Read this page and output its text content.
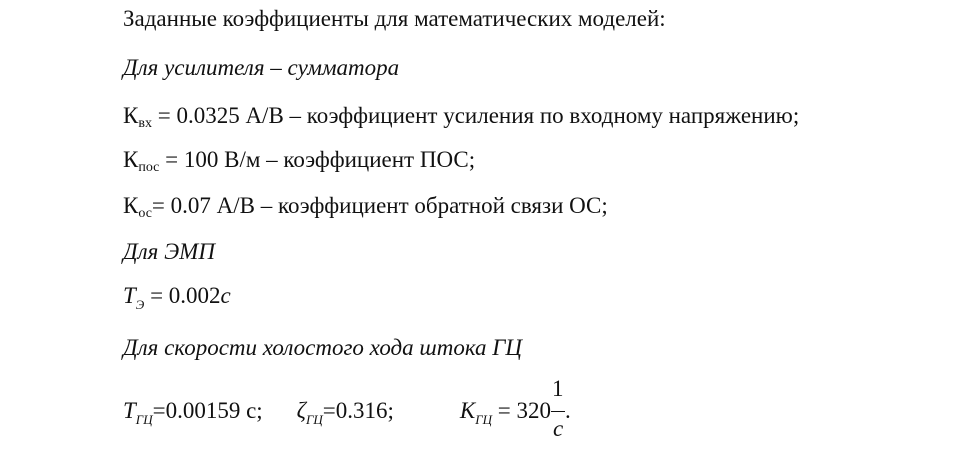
Заданные коэффициенты для математических моделей:
Для усилителя – сумматора
Квх = 0.0325 А/В – коэффициент усиления по входному напряжению;
Кпос = 100 В/м – коэффициент ПОС;
Кос= 0.07 А/В – коэффициент обратной связи ОС;
Для ЭМП
$T_Э = 0.002c$
Для скорости холостого хода штока ГЦ
$T_{ГЦ}=0.00159$ с; $\zeta_{ГЦ}=0.316$;	$K_{ГЦ} = 320 \frac{1}{c}$ .
